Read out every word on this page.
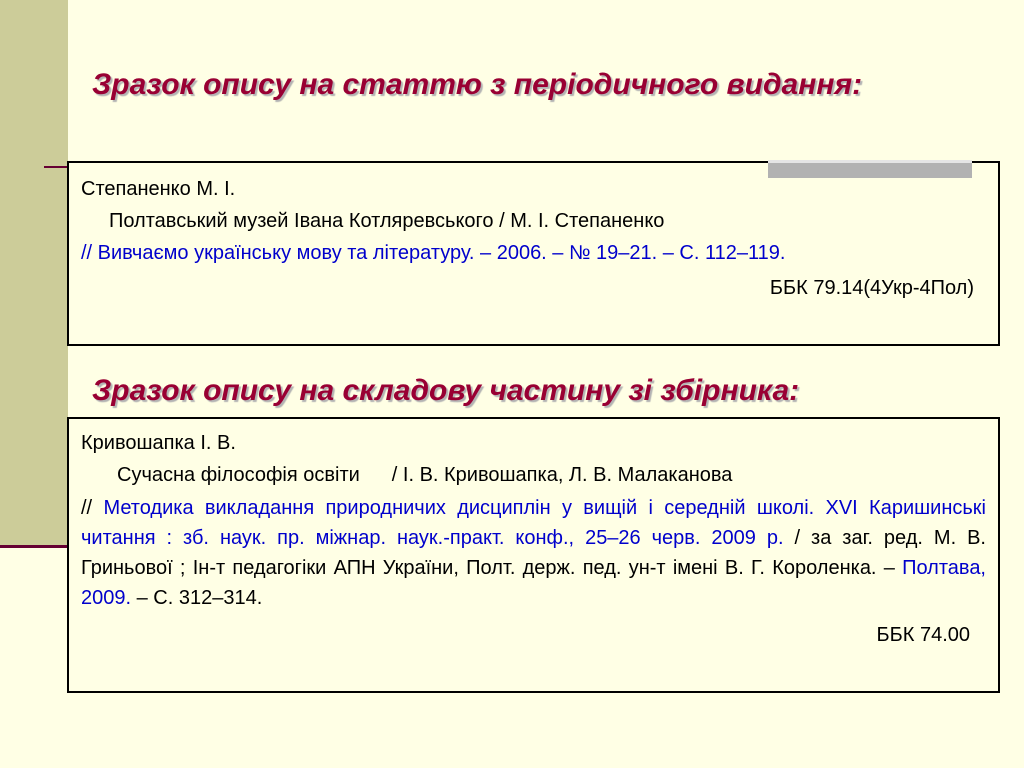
Зразок опису на статтю з періодичного видання:
Степаненко М. І.
Полтавський музей Івана Котляревського / М. І. Степаненко
// Вивчаємо українську мову та літературу. – 2006. – № 19–21. – С. 112–119.
ББК 79.14(4Укр-4Пол)
Зразок опису на складову частину зі збірника:
Кривошапка І. В.
Сучасна філософія освіти / І. В. Кривошапка, Л. В. Малаканова
// Методика викладання природничих дисциплін у вищій і середній школі. XVI Каришинські читання : зб. наук. пр. міжнар. наук.-практ. конф., 25–26 черв. 2009 р. / за заг. ред. М. В. Гриньової ; Ін-т педагогіки АПН України, Полт. держ. пед. ун-т імені В. Г. Короленка. – Полтава, 2009. – С. 312–314.
ББК 74.00
